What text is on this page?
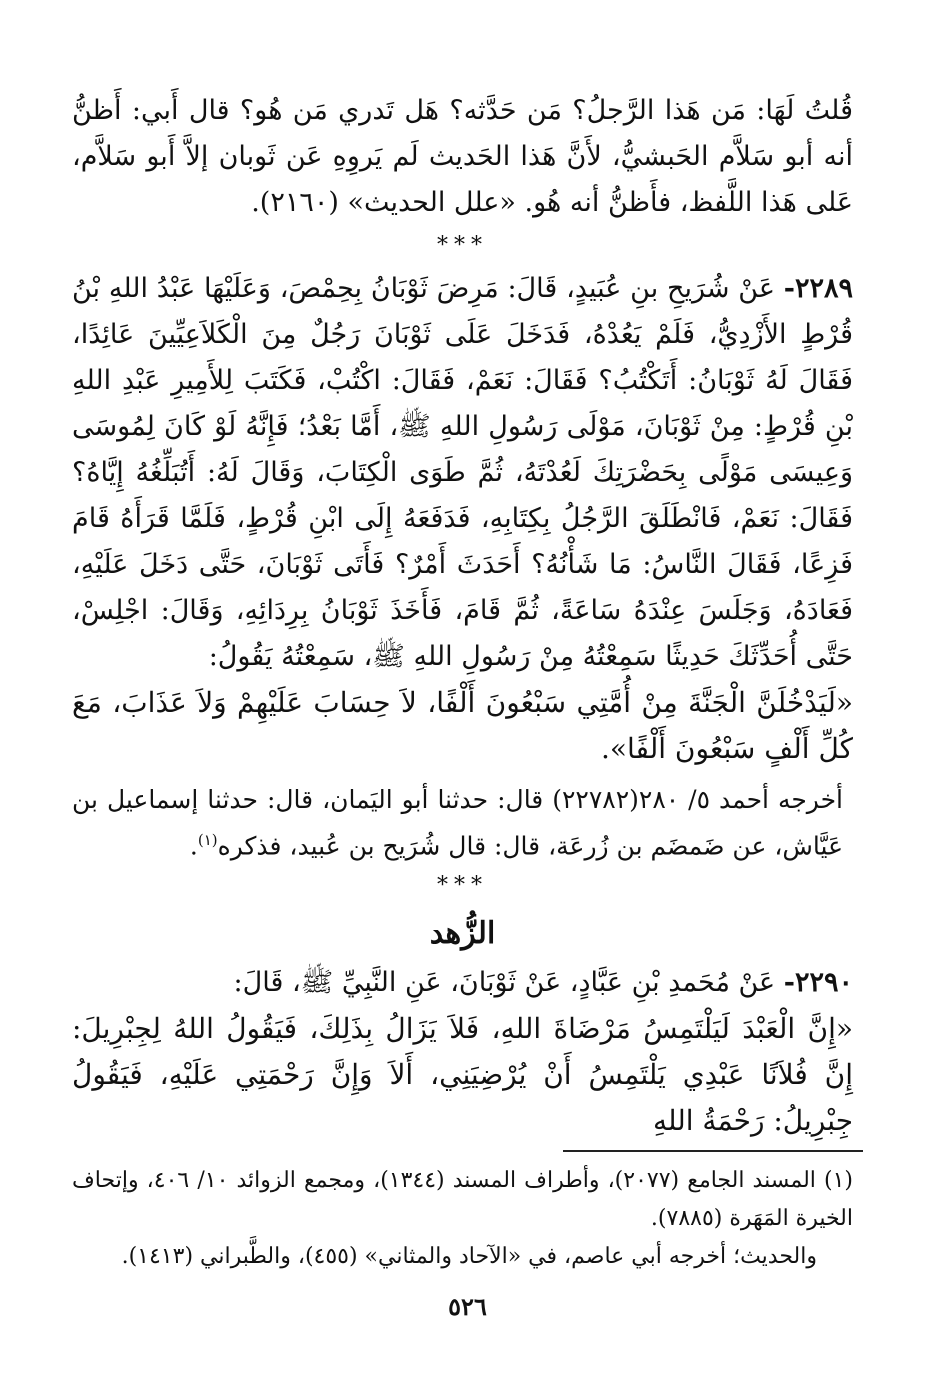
قُلتُ لَهَا: مَن هَذا الرَّجلُ؟ مَن حَدَّثه؟ هَل تَدري مَن هُو؟ قال أَبي: أَظنُّ أنه أبو سَلاَّم الحَبشيُّ، لأَنَّ هَذا الحَديث لَم يَروِهِ عَن ثَوبان إلاَّ أَبو سَلاَّم، عَلى هَذا اللَّفظ، فأَظنُّ أنه هُو. «علل الحديث» (٢١٦٠).

***

٢٢٨٩- عَنْ شُرَيحِ بنِ عُبَيدٍ، قَالَ: مَرِضَ ثَوْبَانُ بِحِمْصَ، وَعَلَيْهَا عَبْدُ اللهِ بْنُ قُرْطٍ الأَزْدِيُّ، فَلَمْ يَعُدْهُ، فَدَخَلَ عَلَى ثَوْبَانَ رَجُلٌ مِنَ الْكَلاَعِيِّينَ عَائِدًا، فَقَالَ لَهُ ثَوْبَانُ: أَتَكْتُبُ؟ فَقَالَ: نَعَمْ، فَقَالَ: اكْتُبْ، فَكَتَبَ لِلأَمِيرِ عَبْدِ اللهِ بْنِ قُرْطٍ: مِنْ ثَوْبَانَ، مَوْلَى رَسُولِ اللهِ ﷺ، أَمَّا بَعْدُ؛ فَإِنَّهُ لَوْ كَانَ لِمُوسَى وَعِيسَى مَوْلًى بِحَضْرَتِكَ لَعُدْتَهُ، ثُمَّ طَوَى الْكِتَابَ، وَقَالَ لَهُ: أَتُبَلِّغُهُ إِيَّاهُ؟ فَقَالَ: نَعَمْ، فَانْطَلَقَ الرَّجُلُ بِكِتَابِهِ، فَدَفَعَهُ إِلَى ابْنِ قُرْطٍ، فَلَمَّا قَرَأَهُ قَامَ فَزِعًا، فَقَالَ النَّاسُ: مَا شَأْنُهُ؟ أَحَدَثَ أَمْرٌ؟ فَأَتَى ثَوْبَانَ، حَتَّى دَخَلَ عَلَيْهِ، فَعَادَهُ، وَجَلَسَ عِنْدَهُ سَاعَةً، ثُمَّ قَامَ، فَأَخَذَ ثَوْبَانُ بِرِدَائِهِ، وَقَالَ: اجْلِسْ، حَتَّى أُحَدِّثَكَ حَدِيثًا سَمِعْتُهُ مِنْ رَسُولِ اللهِ ﷺ، سَمِعْتُهُ يَقُولُ:

«لَيَدْخُلَنَّ الْجَنَّةَ مِنْ أُمَّتِي سَبْعُونَ أَلْفًا، لاَ حِسَابَ عَلَيْهِمْ وَلاَ عَذَابَ، مَعَ كُلِّ أَلْفٍ سَبْعُونَ أَلْفًا».

أخرجه أحمد ٥/ ٢٨٠(٢٢٧٨٢) قال: حدثنا أبو اليَمان، قال: حدثنا إسماعيل بن عَيَّاش، عن ضَمضَم بن زُرعَة، قال: قال شُرَيح بن عُبيد، فذكره$^{(١)}$.

***
الزُّهد

٢٢٩٠- عَنْ مُحَمدِ بْنِ عَبَّادٍ، عَنْ ثَوْبَانَ، عَنِ النَّبِيِّ ﷺ، قَالَ:

«إِنَّ الْعَبْدَ لَيَلْتَمِسُ مَرْضَاةَ اللهِ، فَلاَ يَزَالُ بِذَلِكَ، فَيَقُولُ اللهُ لِجِبْرِيلَ: إِنَّ فُلاَنًا عَبْدِي يَلْتَمِسُ أَنْ يُرْضِيَنِي، أَلاَ وَإِنَّ رَحْمَتِي عَلَيْهِ، فَيَقُولُ جِبْرِيلُ: رَحْمَةُ اللهِ

(١) المسند الجامع (٢٠٧٧)، وأطراف المسند (١٣٤٤)، ومجمع الزوائد ١٠/ ٤٠٦، وإتحاف الخيرة المَهَرة (٧٨٨٥).

والحديث؛ أخرجه أبي عاصم، في «الآحاد والمثاني» (٤٥٥)، والطَّبراني (١٤١٣).

٥٢٦
